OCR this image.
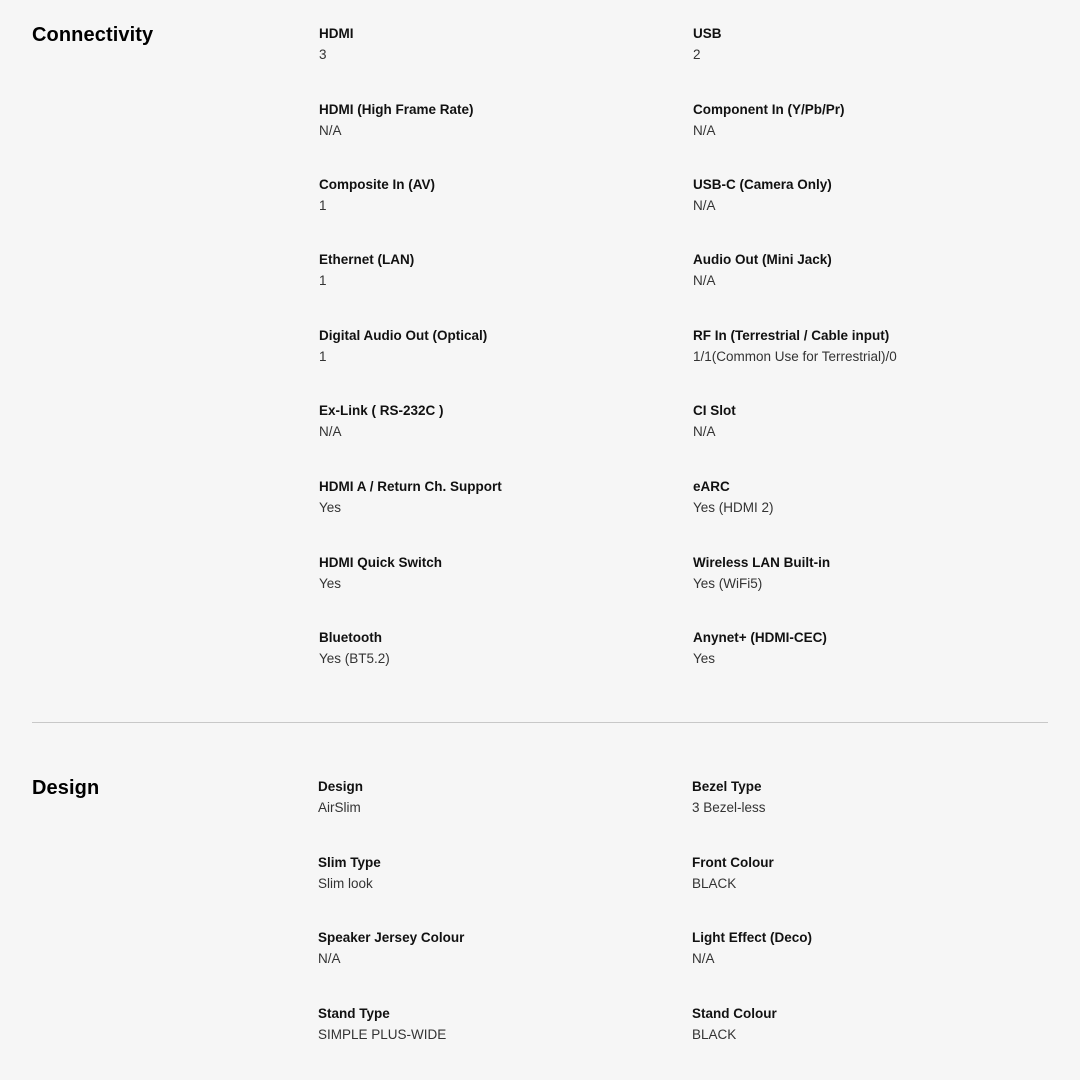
Connectivity	HDMI
3
USB
2
HDMI (High Frame Rate)
N/A
Component In (Y/Pb/Pr)
N/A
Composite In (AV)
1
USB-C (Camera Only)
N/A
Ethernet (LAN)
1
Audio Out (Mini Jack)
N/A
Digital Audio Out (Optical)
1
RF In (Terrestrial / Cable input)
1/1(Common Use for Terrestrial)/0
Ex-Link ( RS-232C )
N/A
CI Slot
N/A
HDMI A / Return Ch. Support
Yes
eARC
Yes (HDMI 2)
HDMI Quick Switch
Yes
Wireless LAN Built-in
Yes (WiFi5)
Bluetooth
Yes (BT5.2)
Anynet+ (HDMI-CEC)
Yes
Design	Design
AirSlim
Bezel Type
3 Bezel-less
Slim Type
Slim look
Front Colour
BLACK
Speaker Jersey Colour
N/A
Light Effect (Deco)
N/A
Stand Type
SIMPLE PLUS-WIDE
Stand Colour
BLACK
